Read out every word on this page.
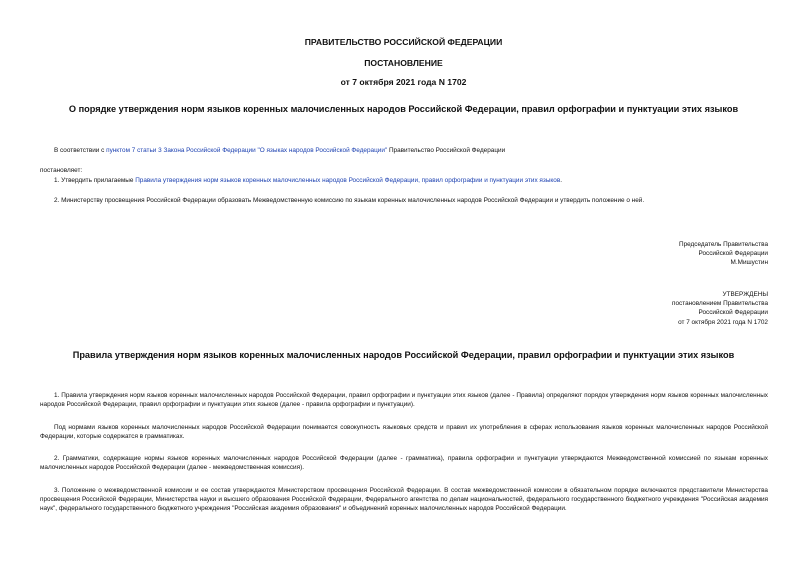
ПРАВИТЕЛЬСТВО РОССИЙСКОЙ ФЕДЕРАЦИИ
ПОСТАНОВЛЕНИЕ
от 7 октября 2021 года N 1702
О порядке утверждения норм языков коренных малочисленных народов Российской Федерации, правил орфографии и пунктуации этих языков
В соответствии с пунктом 7 статьи 3 Закона Российской Федерации "О языках народов Российской Федерации" Правительство Российской Федерации
постановляет:
1. Утвердить прилагаемые Правила утверждения норм языков коренных малочисленных народов Российской Федерации, правил орфографии и пунктуации этих языков.
2. Министерству просвещения Российской Федерации образовать Межведомственную комиссию по языкам коренных малочисленных народов Российской Федерации и утвердить положение о ней.
Председатель Правительства
Российской Федерации
М.Мишустин
УТВЕРЖДЕНЫ
постановлением Правительства
Российской Федерации
от 7 октября 2021 года N 1702
Правила утверждения норм языков коренных малочисленных народов Российской Федерации, правил орфографии и пунктуации этих языков
1. Правила утверждения норм языков коренных малочисленных народов Российской Федерации, правил орфографии и пунктуации этих языков (далее - Правила) определяют порядок утверждения норм языков коренных малочисленных народов Российской Федерации, правил орфографии и пунктуации этих языков (далее - правила орфографии и пунктуации).
Под нормами языков коренных малочисленных народов Российской Федерации понимается совокупность языковых средств и правил их употребления в сферах использования языков коренных малочисленных народов Российской Федерации, которые содержатся в грамматиках.
2. Грамматики, содержащие нормы языков коренных малочисленных народов Российской Федерации (далее - грамматика), правила орфографии и пунктуации утверждаются Межведомственной комиссией по языкам коренных малочисленных народов Российской Федерации (далее - межведомственная комиссия).
3. Положение о межведомственной комиссии и ее состав утверждаются Министерством просвещения Российской Федерации. В состав межведомственной комиссии в обязательном порядке включаются представители Министерства просвещения Российской Федерации, Министерства науки и высшего образования Российской Федерации, Федерального агентства по делам национальностей, федерального государственного бюджетного учреждения "Российская академия наук", федерального государственного бюджетного учреждения "Российская академия образования" и объединений коренных малочисленных народов Российской Федерации.
